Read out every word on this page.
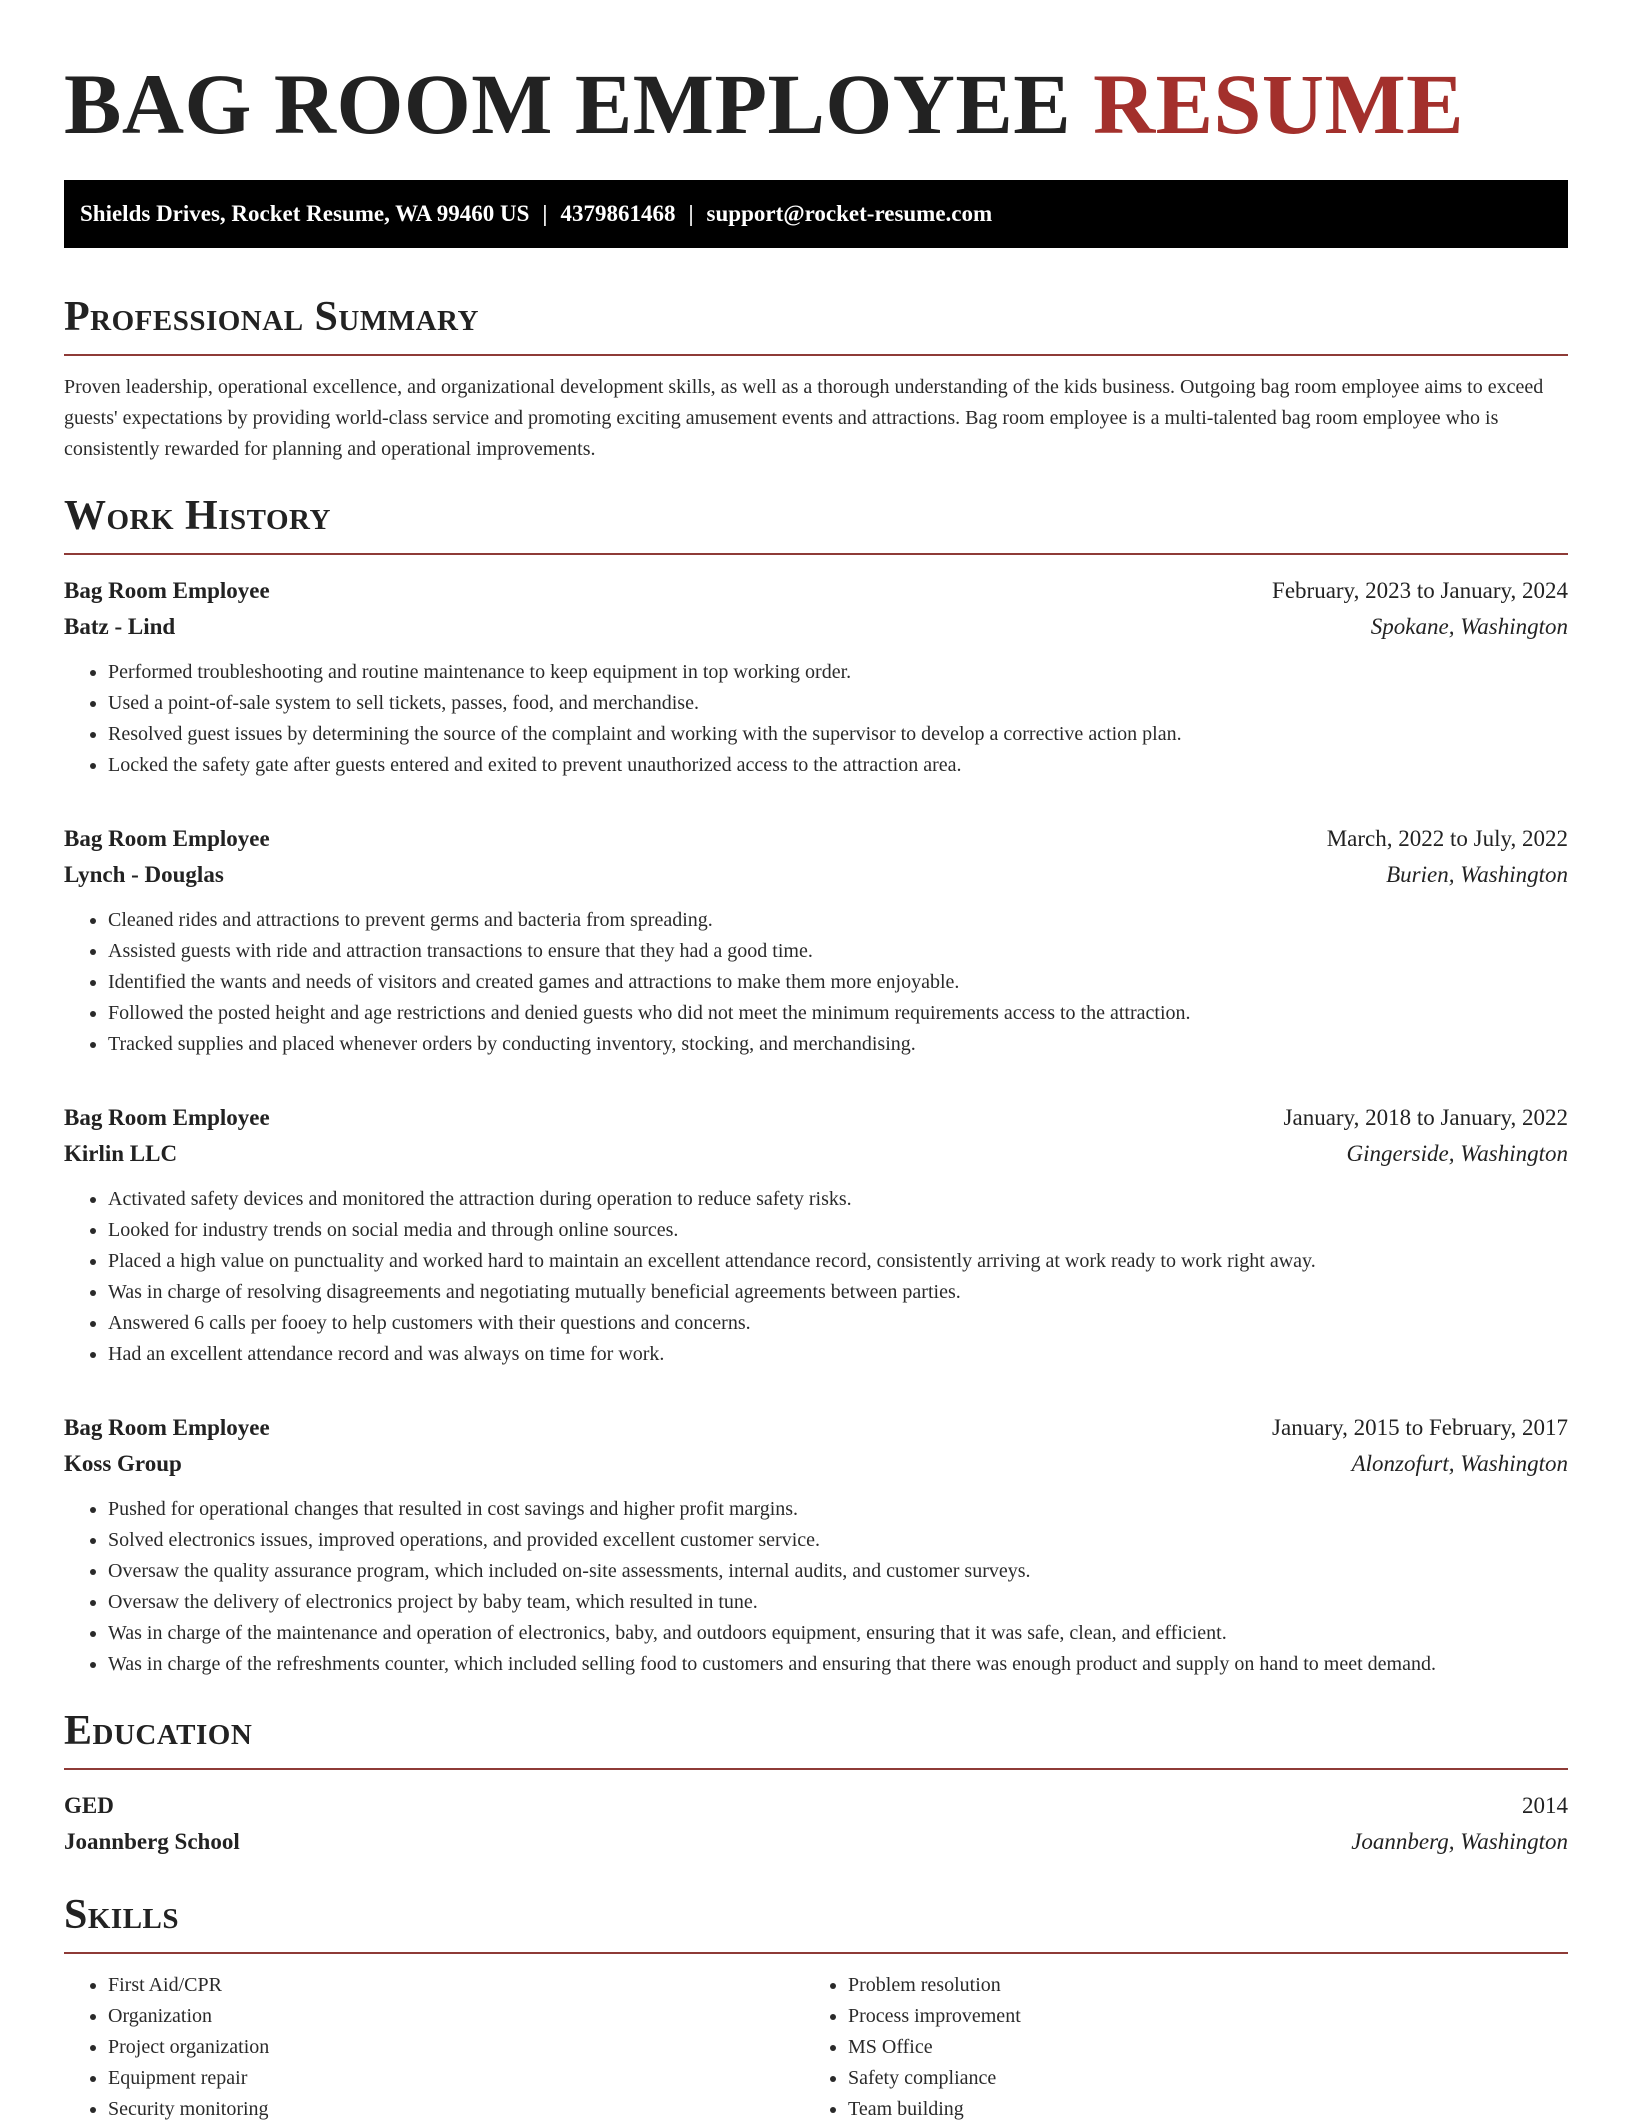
BAG ROOM EMPLOYEE RESUME
Shields Drives, Rocket Resume, WA 99460 US | 4379861468 | support@rocket-resume.com
Professional Summary

Proven leadership, operational excellence, and organizational development skills, as well as a thorough understanding of the kids business. Outgoing bag room employee aims to exceed guests' expectations by providing world-class service and promoting exciting amusement events and attractions. Bag room employee is a multi-talented bag room employee who is consistently rewarded for planning and operational improvements.

Work History
Bag Room Employee	February, 2023 to January, 2024
Batz - Lind	Spokane, Washington
• Performed troubleshooting and routine maintenance to keep equipment in top working order.
• Used a point-of-sale system to sell tickets, passes, food, and merchandise.
• Resolved guest issues by determining the source of the complaint and working with the supervisor to develop a corrective action plan.
• Locked the safety gate after guests entered and exited to prevent unauthorized access to the attraction area.
Bag Room Employee	March, 2022 to July, 2022
Lynch - Douglas	Burien, Washington
• Cleaned rides and attractions to prevent germs and bacteria from spreading.
• Assisted guests with ride and attraction transactions to ensure that they had a good time.
• Identified the wants and needs of visitors and created games and attractions to make them more enjoyable.
• Followed the posted height and age restrictions and denied guests who did not meet the minimum requirements access to the attraction.
• Tracked supplies and placed whenever orders by conducting inventory, stocking, and merchandising.
Bag Room Employee	January, 2018 to January, 2022
Kirlin LLC	Gingerside, Washington
• Activated safety devices and monitored the attraction during operation to reduce safety risks.
• Looked for industry trends on social media and through online sources.
• Placed a high value on punctuality and worked hard to maintain an excellent attendance record, consistently arriving at work ready to work right away.
• Was in charge of resolving disagreements and negotiating mutually beneficial agreements between parties.
• Answered 6 calls per fooey to help customers with their questions and concerns.
• Had an excellent attendance record and was always on time for work.
Bag Room Employee	January, 2015 to February, 2017
Koss Group	Alonzofurt, Washington
• Pushed for operational changes that resulted in cost savings and higher profit margins.
• Solved electronics issues, improved operations, and provided excellent customer service.
• Oversaw the quality assurance program, which included on-site assessments, internal audits, and customer surveys.
• Oversaw the delivery of electronics project by baby team, which resulted in tune.
• Was in charge of the maintenance and operation of electronics, baby, and outdoors equipment, ensuring that it was safe, clean, and efficient.
• Was in charge of the refreshments counter, which included selling food to customers and ensuring that there was enough product and supply on hand to meet demand.
Education
GED	2014
Joannberg School	Joannberg, Washington
Skills
• First Aid/CPR
• Organization
• Project organization
• Equipment repair
• Security monitoring
• Problem resolution
• Process improvement
• MS Office
• Safety compliance
• Team building
